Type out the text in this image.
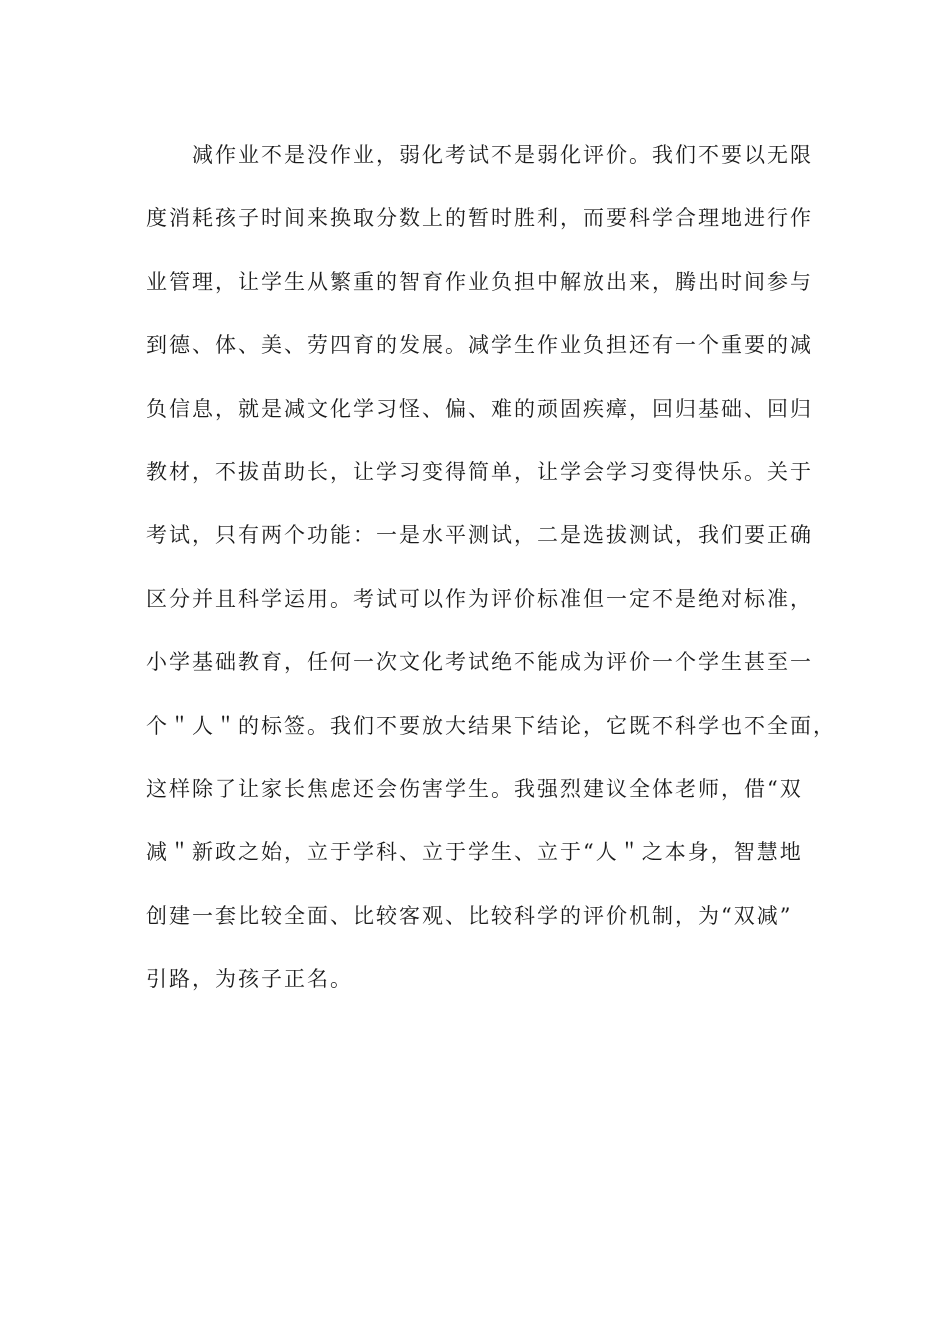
减作业不是没作业，弱化考试不是弱化评价。我们不要以无限
度消耗孩子时间来换取分数上的暂时胜利，而要科学合理地进行作
业管理，让学生从繁重的智育作业负担中解放出来，腾出时间参与
到德、体、美、劳四育的发展。减学生作业负担还有一个重要的减
负信息，就是减文化学习怪、偏、难的顽固疾瘴，回归基础、回归
教材，不拔苗助长，让学习变得简单，让学会学习变得快乐。关于
考试，只有两个功能：一是水平测试，二是选拔测试，我们要正确
区分并且科学运用。考试可以作为评价标准但一定不是绝对标准，
小学基础教育，任何一次文化考试绝不能成为评价一个学生甚至一
个＂人＂的标签。我们不要放大结果下结论，它既不科学也不全面，
这样除了让家长焦虑还会伤害学生。我强烈建议全体老师，借“双
减＂新政之始，立于学科、立于学生、立于“人＂之本身，智慧地
创建一套比较全面、比较客观、比较科学的评价机制，为“双减”
引路，为孩子正名。
